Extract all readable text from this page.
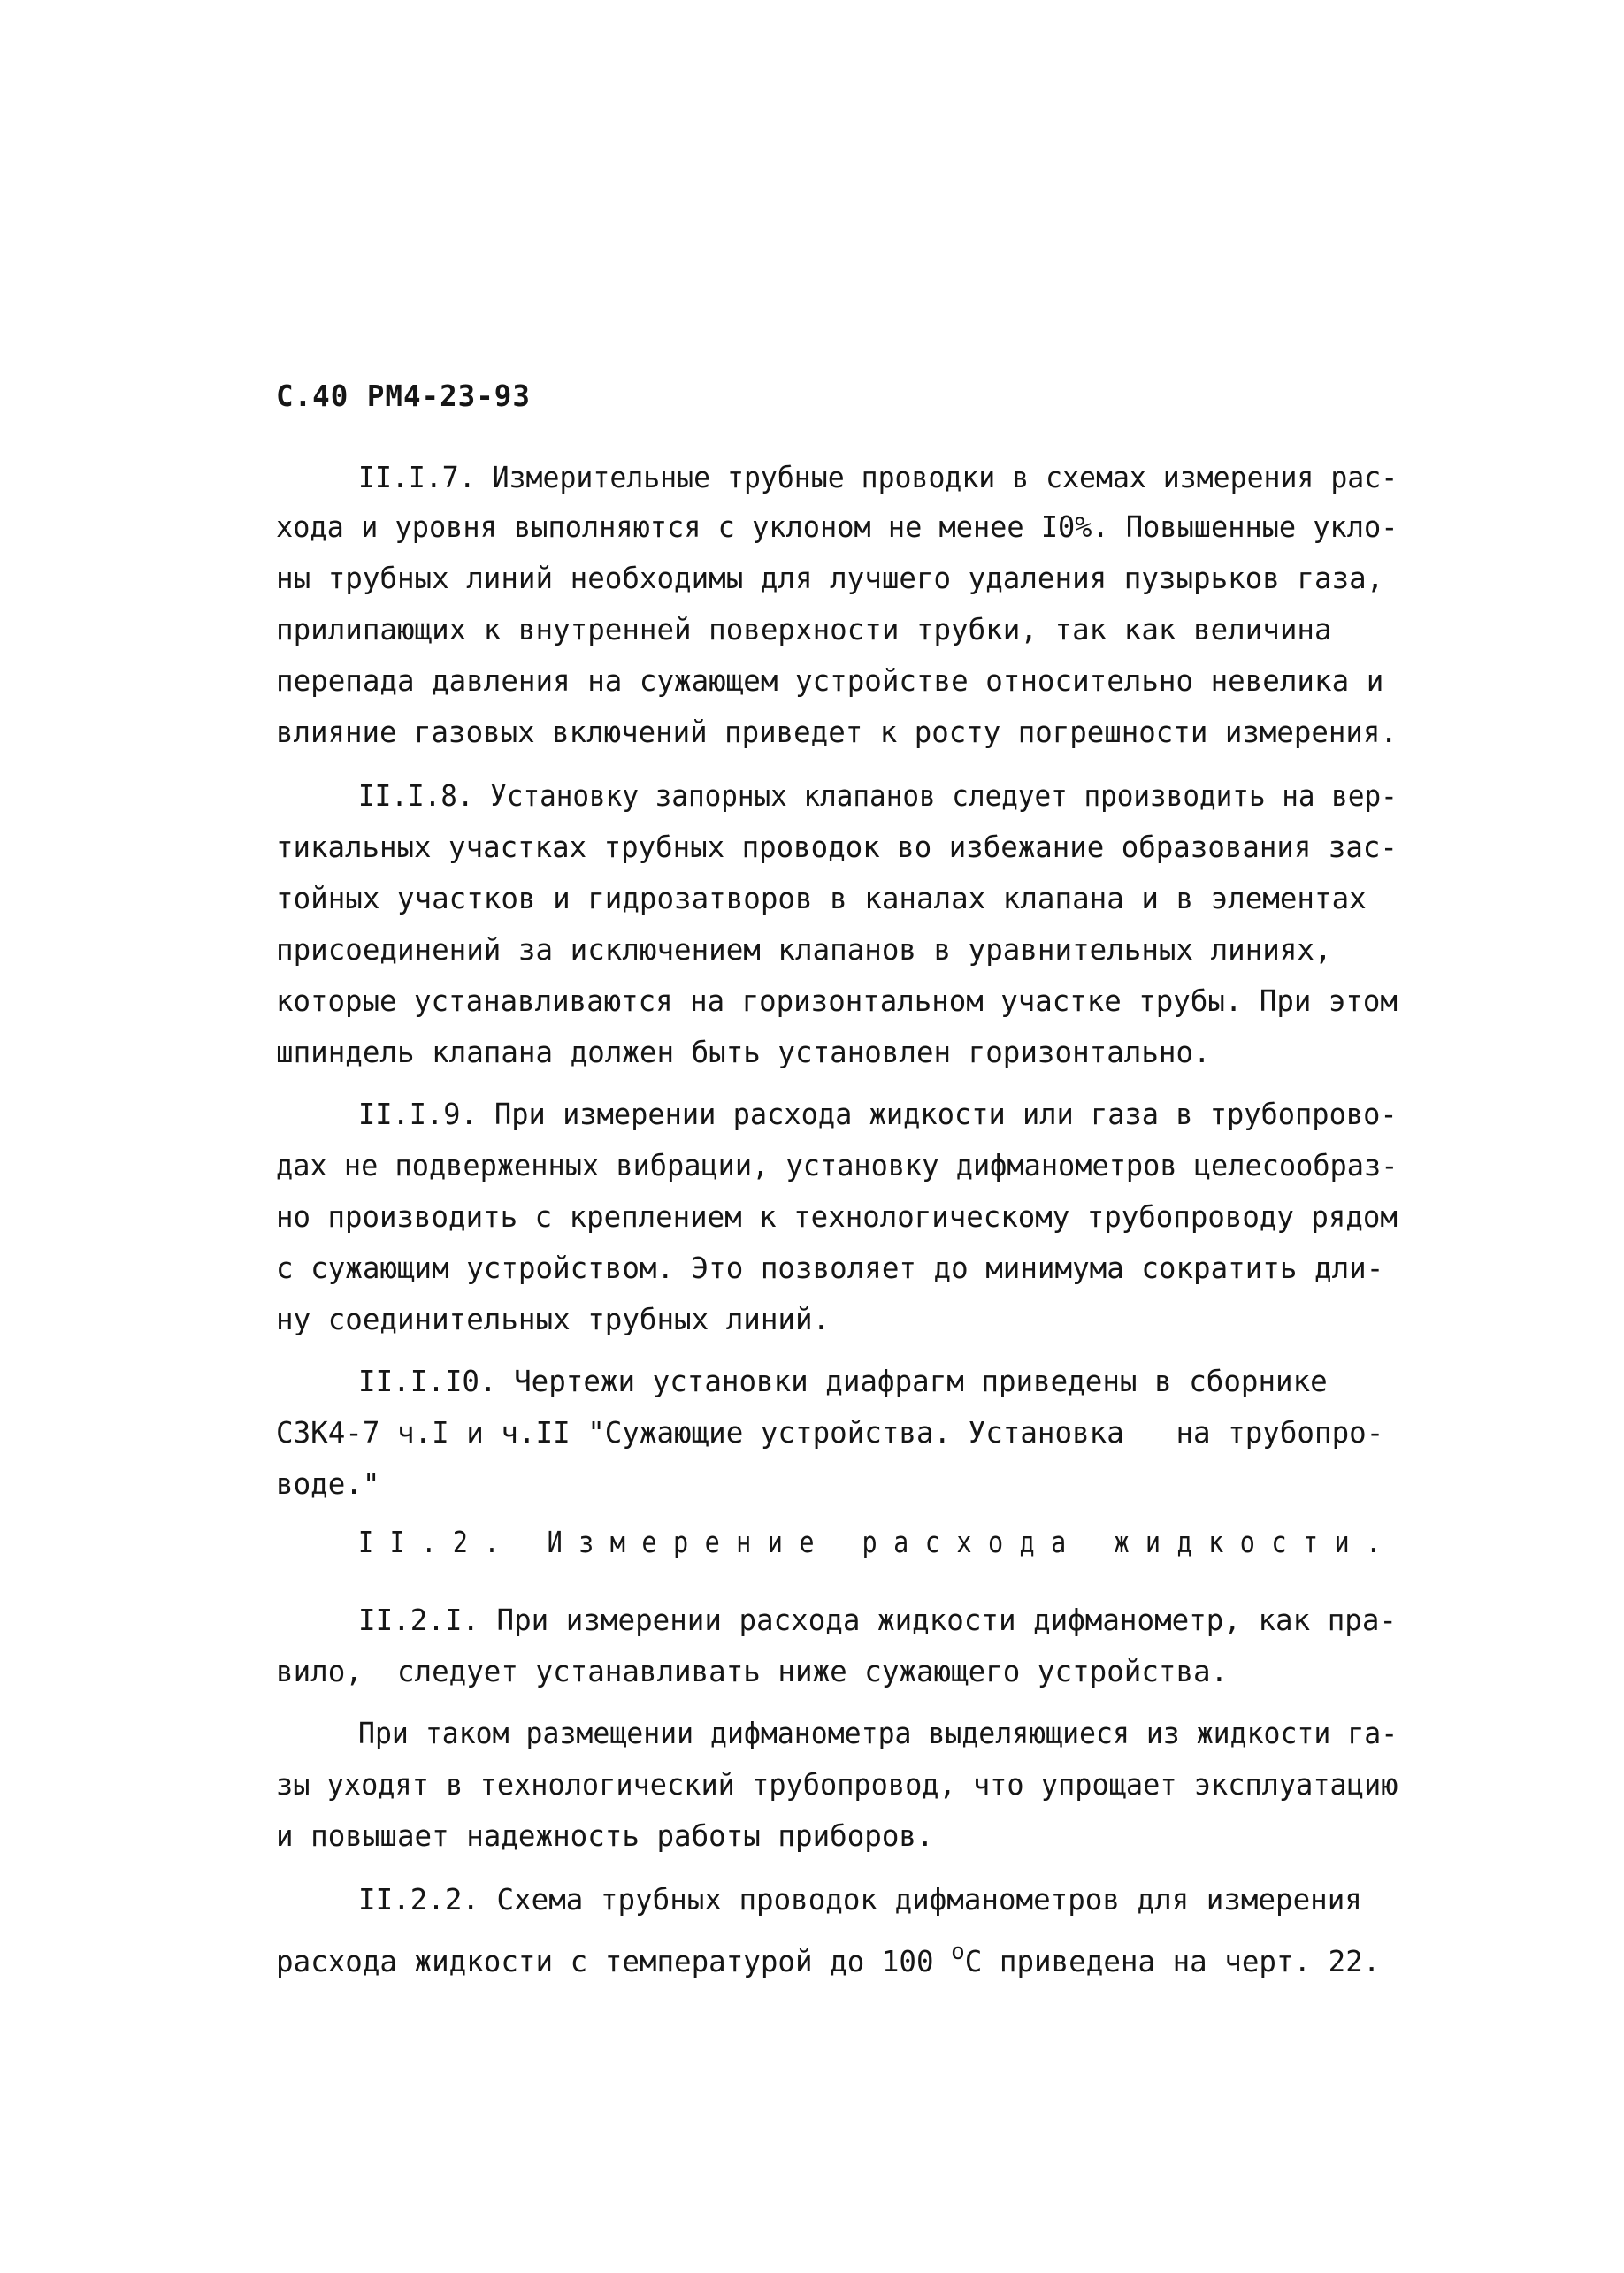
С.40 РМ4-23-93
II.I.7. Измерительные трубные проводки в схемах измерения рас-
хода и уровня выполняются с уклоном не менее I0%. Повышенные укло-
ны трубных линий необходимы для лучшего удаления пузырьков газа,
прилипающих к внутренней поверхности трубки, так как величина
перепада давления на сужающем устройстве относительно невелика и
влияние газовых включений приведет к росту погрешности измерения.
II.I.8. Установку запорных клапанов следует производить на вер-
тикальных участках трубных проводок во избежание образования зас-
тойных участков и гидрозатворов в каналах клапана и в элементах
присоединений за исключением клапанов в уравнительных линиях,
которые устанавливаются на горизонтальном участке трубы. При этом
шпиндель клапана должен быть установлен горизонтально.
II.I.9. При измерении расхода жидкости или газа в трубопрово-
дах не подверженных вибрации, установку дифманометров целесообраз-
но производить с креплением к технологическому трубопроводу рядом
с сужающим устройством. Это позволяет до минимума сократить дли-
ну соединительных трубных линий.
II.I.I0. Чертежи установки диафрагм приведены в сборнике
СЗК4-7 ч.I и ч.II "Сужающие устройства. Установка   на трубопро-
воде."
II.2. Измерение расхода жидкости.
II.2.I. При измерении расхода жидкости дифманометр, как пра-
вило,  следует устанавливать ниже сужающего устройства.
При таком размещении дифманометра выделяющиеся из жидкости га-
зы уходят в технологический трубопровод, что упрощает эксплуатацию
и повышает надежность работы приборов.
II.2.2. Схема трубных проводок дифманометров для измерения
расхода жидкости с температурой до 100 $^о$С приведена на черт. 22.
